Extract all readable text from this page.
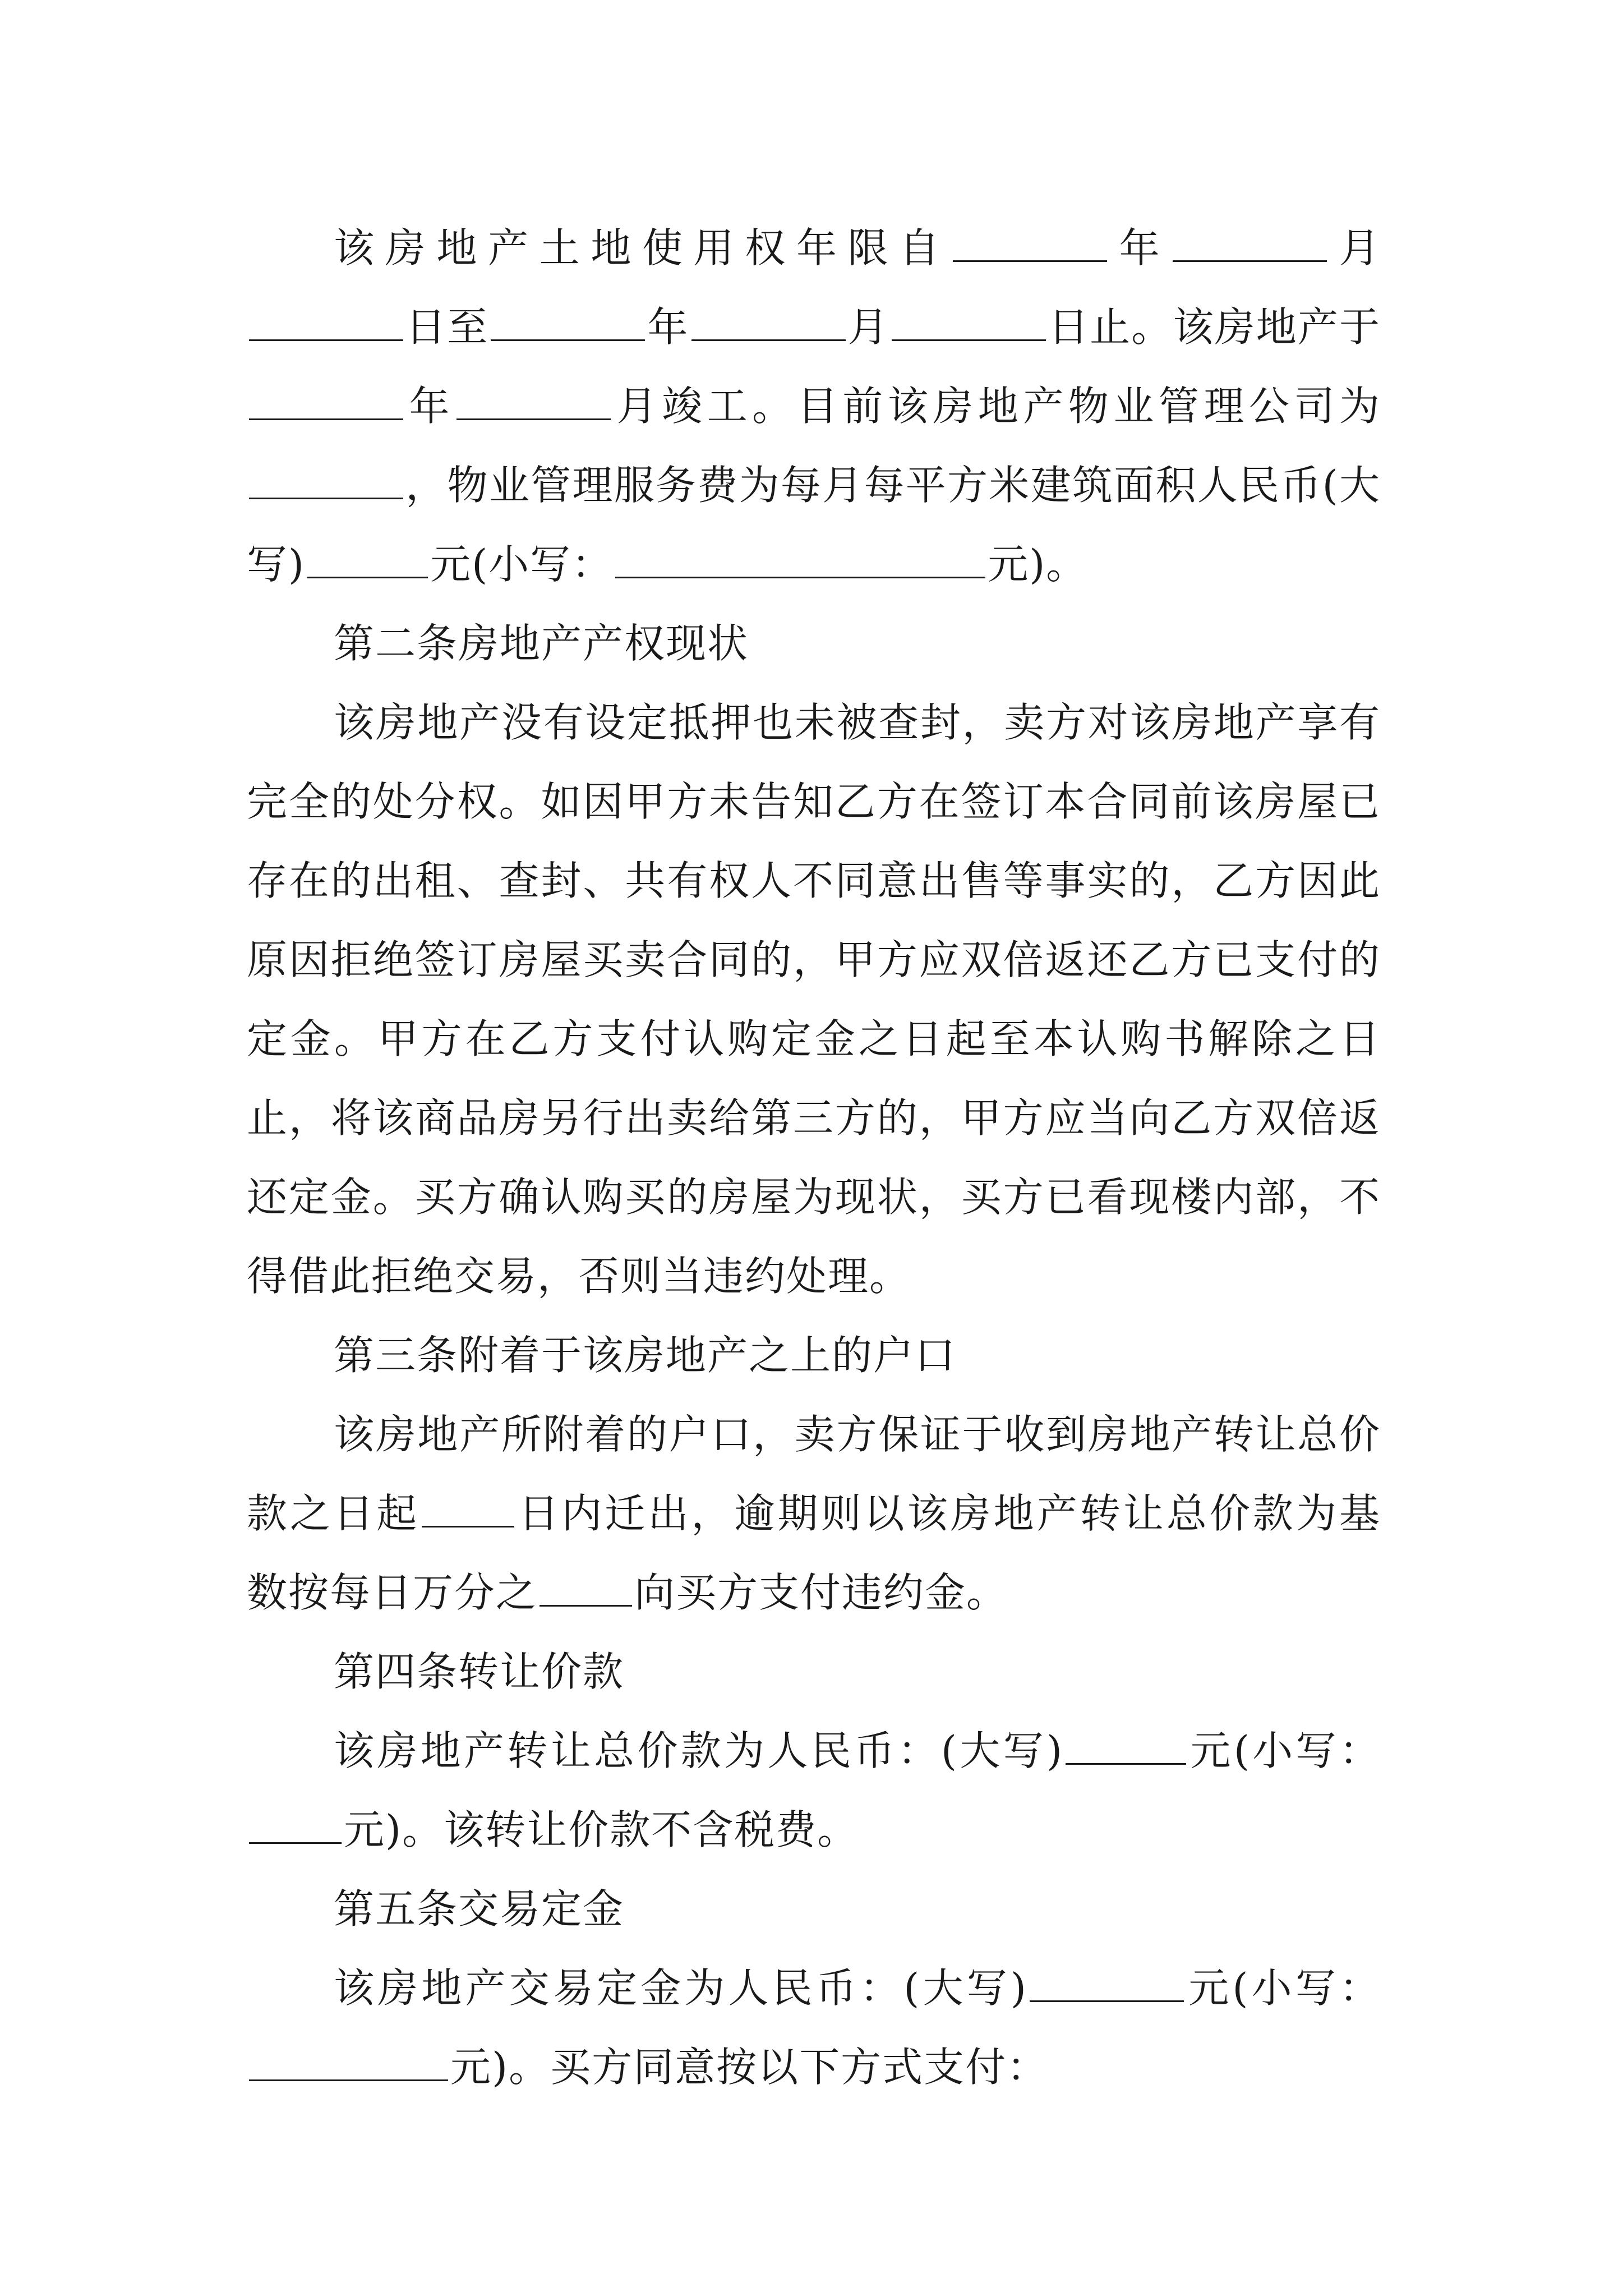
该房地产土地使用权年限自	年	月日至	年	月	日止。该房地产于年	月竣工。目前该房地产物业管理公司为，物业管理服务费为每月每平方米建筑面积人民币(大写)	元(小写：	元)。

第二条房地产产权现状

该房地产没有设定抵押也未被查封，卖方对该房地产享有完全的处分权。如因甲方未告知乙方在签订本合同前该房屋已存在的出租、查封、共有权人不同意出售等事实的，乙方因此原因拒绝签订房屋买卖合同的，甲方应双倍返还乙方已支付的定金。甲方在乙方支付认购定金之日起至本认购书解除之日止，将该商品房另行出卖给第三方的，甲方应当向乙方双倍返还定金。买方确认购买的房屋为现状，买方已看现楼内部，不得借此拒绝交易，否则当违约处理。

第三条附着于该房地产之上的户口

该房地产所附着的户口，卖方保证于收到房地产转让总价款之日起 日内迁出，逾期则以该房地产转让总价款为基数按每日万分之 向买方支付违约金。

第四条转让价款

该房地产转让总价款为人民币：(大写)	元(小写：元)。该转让价款不含税费。

第五条交易定金

该房地产交易定金为人民币：(大写)	元(小写：元)。买方同意按以下方式支付：
